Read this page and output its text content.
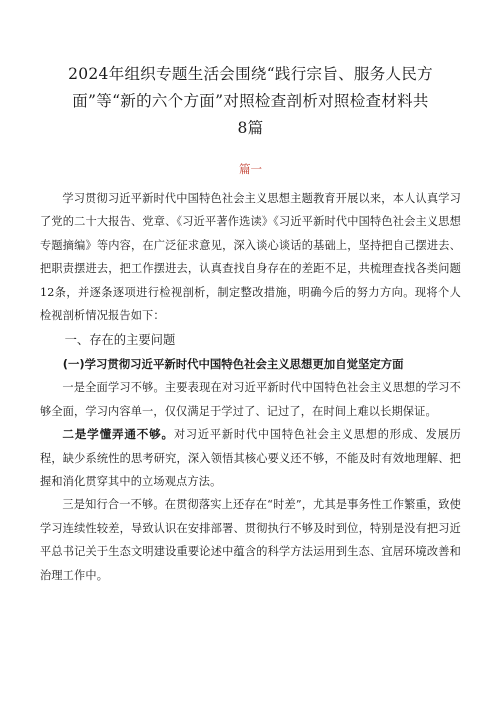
2024年组织专题生活会围绕“践行宗旨、服务人民方
面”等“新的六个方面”对照检查剖析对照检查材料共
8篇
篇一

学习贯彻习近平新时代中国特色社会主义思想主题教育开展以来，本人认真学习了党的二十大报告、党章、《习近平著作选读》《习近平新时代中国特色社会主义思想专题摘编》等内容，在广泛征求意见，深入谈心谈话的基础上，坚持把自己摆进去、把职责摆进去，把工作摆进去，认真查找自身存在的差距不足，共梳理查找各类问题12条，并逐条逐项进行检视剖析，制定整改措施，明确今后的努力方向。现将个人检视剖析情况报告如下：

一、存在的主要问题
(一)学习贯彻习近平新时代中国特色社会主义思想更加自觉坚定方面

一是全面学习不够。主要表现在对习近平新时代中国特色社会主义思想的学习不够全面，学习内容单一，仅仅满足于学过了、记过了，在时间上难以长期保证。

二是学懂弄通不够。对习近平新时代中国特色社会主义思想的形成、发展历程，缺少系统性的思考研究，深入领悟其核心要义还不够，不能及时有效地理解、把握和消化贯穿其中的立场观点方法。

三是知行合一不够。在贯彻落实上还存在“时差”，尤其是事务性工作繁重，致使学习连续性较差，导致认识在安排部署、贯彻执行不够及时到位，特别是没有把习近平总书记关于生态文明建设重要论述中蕴含的科学方法运用到生态、宜居环境改善和治理工作中。
